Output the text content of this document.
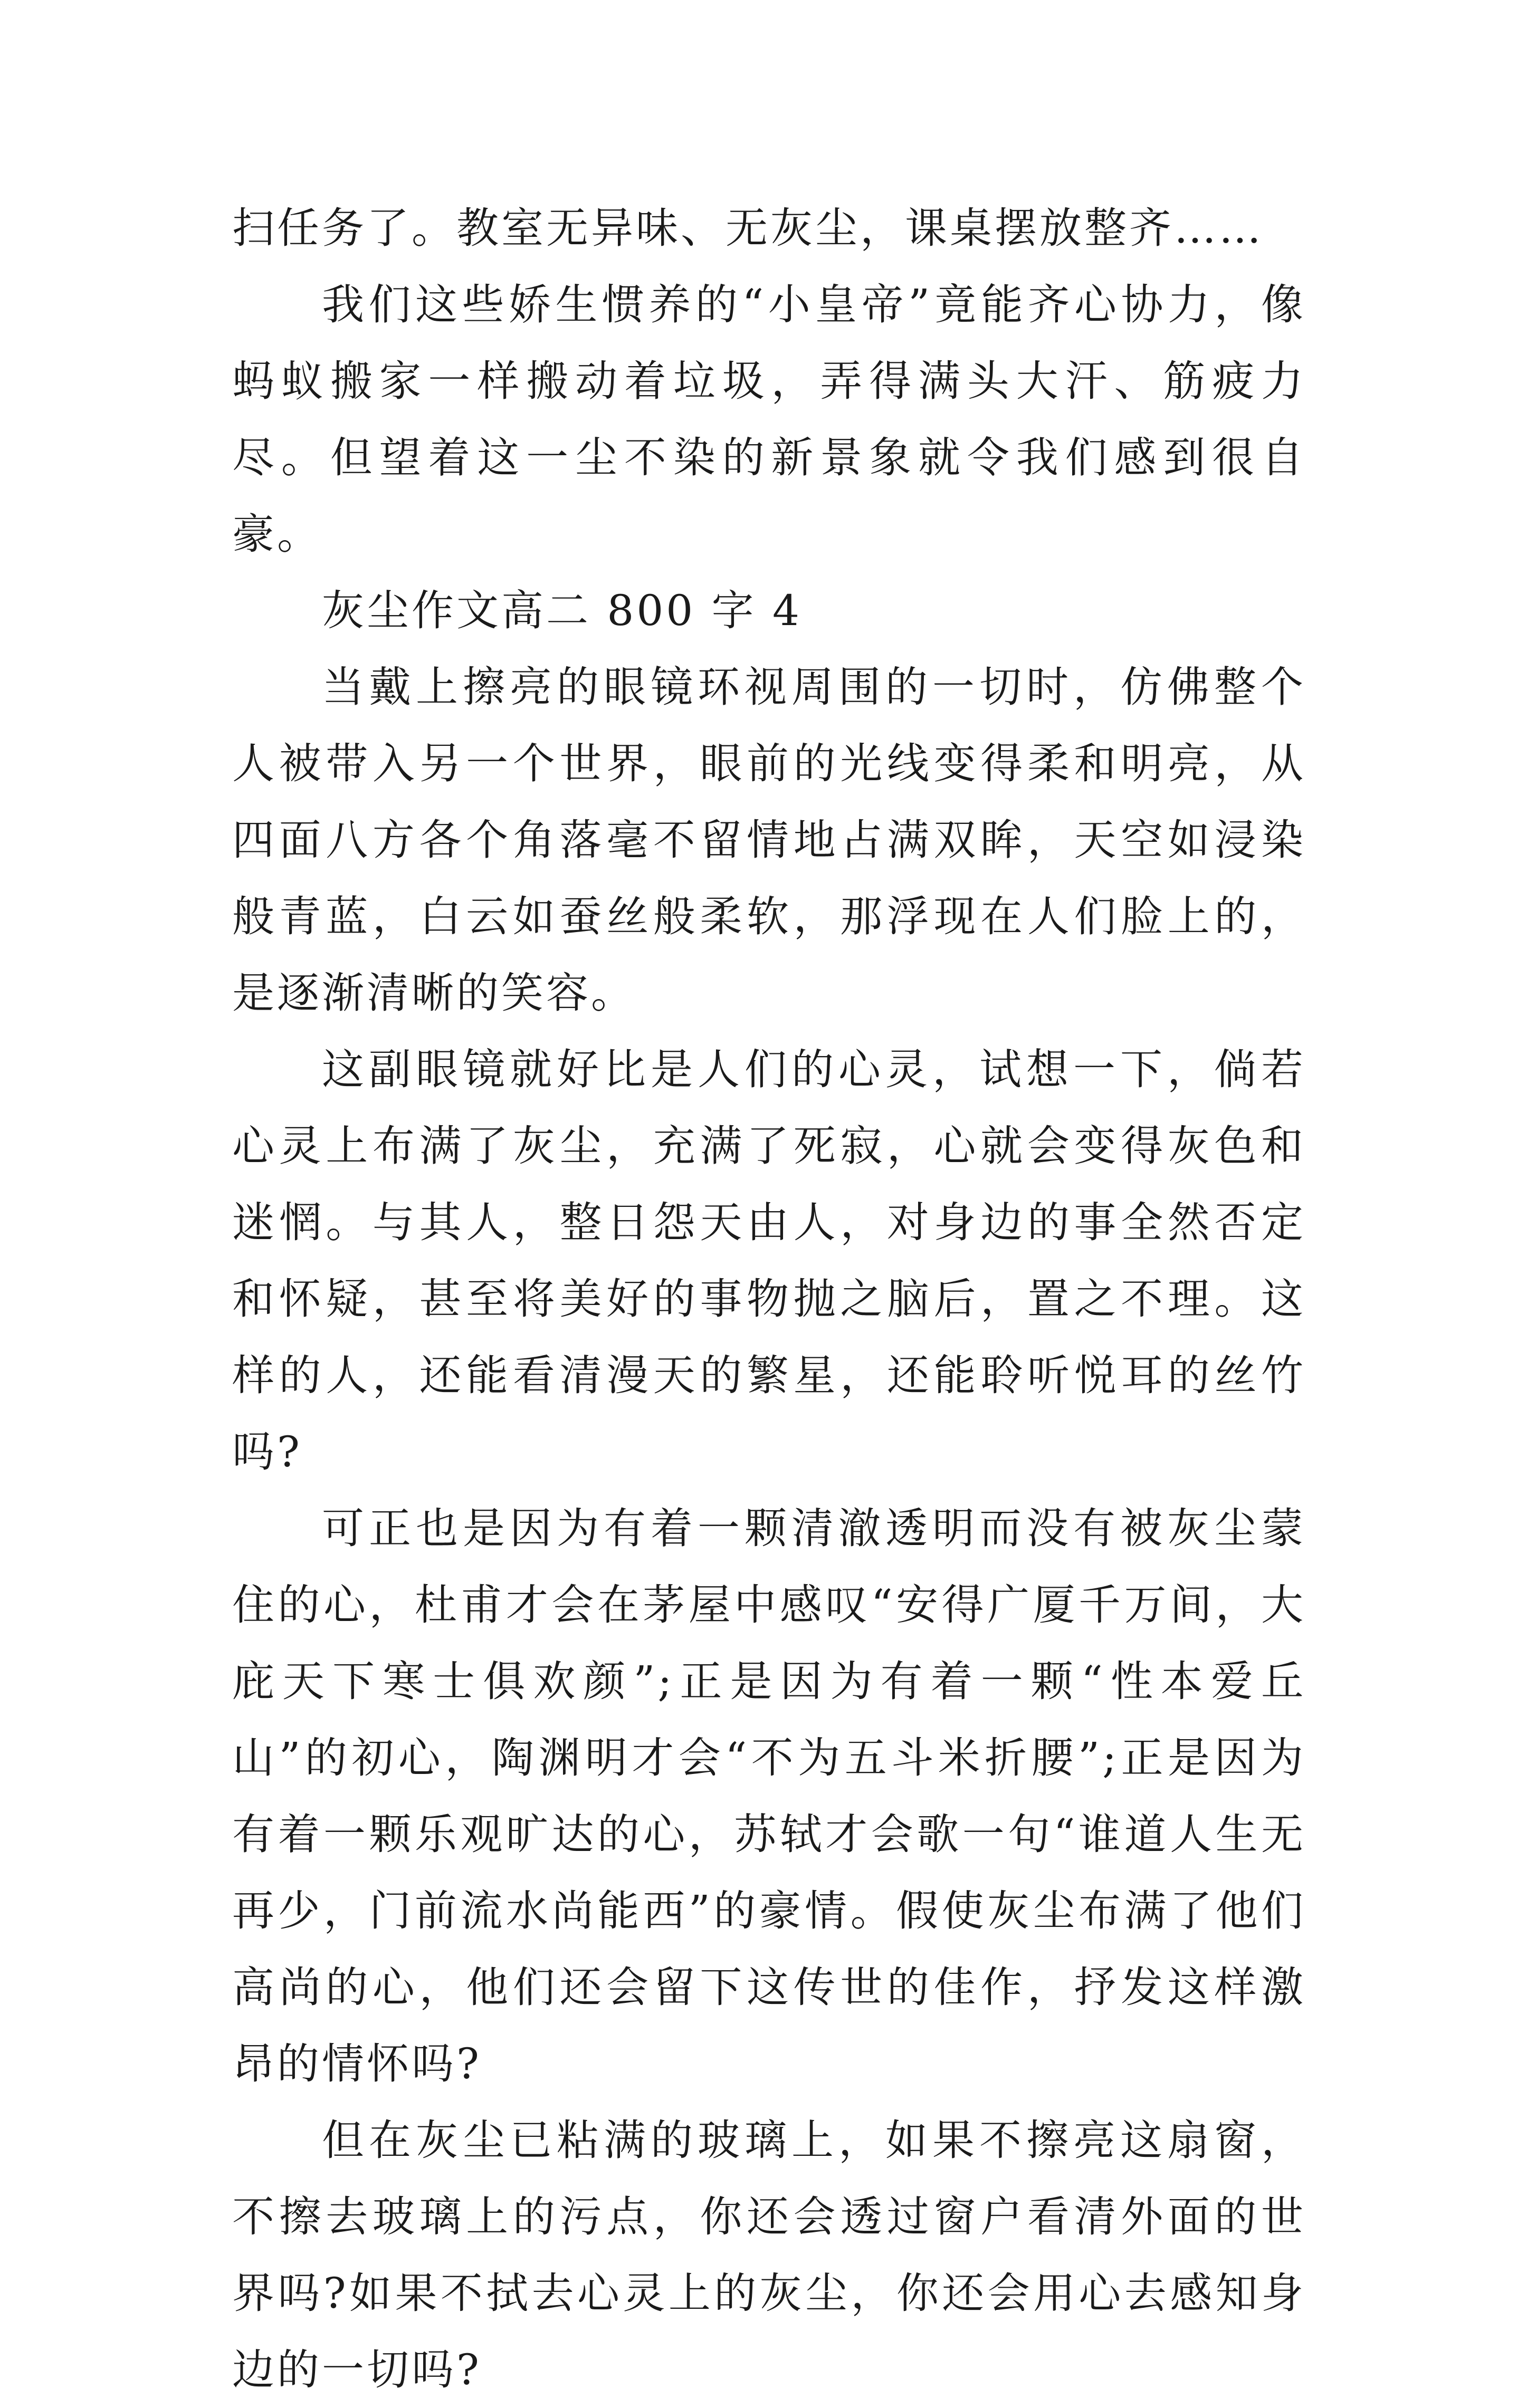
扫任务了。教室无异味、无灰尘，课桌摆放整齐……

我们这些娇生惯养的“小皇帝”竟能齐心协力，像蚂蚁搬家一样搬动着垃圾，弄得满头大汗、筋疲力尽。但望着这一尘不染的新景象就令我们感到很自豪。

灰尘作文高二 800 字 4

当戴上擦亮的眼镜环视周围的一切时，仿佛整个人被带入另一个世界，眼前的光线变得柔和明亮，从四面八方各个角落毫不留情地占满双眸，天空如浸染般青蓝，白云如蚕丝般柔软，那浮现在人们脸上的，是逐渐清晰的笑容。

这副眼镜就好比是人们的心灵，试想一下，倘若心灵上布满了灰尘，充满了死寂，心就会变得灰色和迷惘。与其人，整日怨天由人，对身边的事全然否定和怀疑，甚至将美好的事物抛之脑后，置之不理。这样的人，还能看清漫天的繁星，还能聆听悦耳的丝竹吗?

可正也是因为有着一颗清澈透明而没有被灰尘蒙住的心，杜甫才会在茅屋中感叹“安得广厦千万间，大庇天下寒士俱欢颜”;正是因为有着一颗“性本爱丘山”的初心，陶渊明才会“不为五斗米折腰”;正是因为有着一颗乐观旷达的心，苏轼才会歌一句“谁道人生无再少，门前流水尚能西”的豪情。假使灰尘布满了他们高尚的心，他们还会留下这传世的佳作，抒发这样激昂的情怀吗?

但在灰尘已粘满的玻璃上，如果不擦亮这扇窗，不擦去玻璃上的污点，你还会透过窗户看清外面的世界吗?如果不拭去心灵上的灰尘，你还会用心去感知身边的一切吗?
